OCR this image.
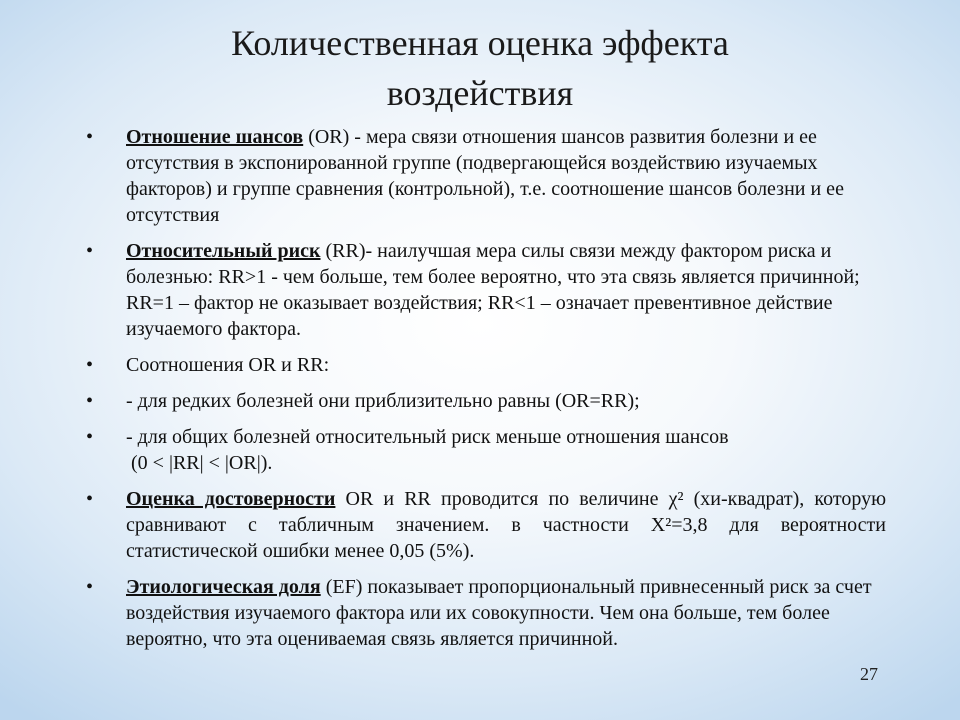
Количественная оценка эффекта
воздействия
• Отношение шансов (OR) - мера связи отношения шансов развития болезни и ее отсутствия в экспонированной группе (подвергающейся воздействию изучаемых факторов) и группе сравнения (контрольной), т.е. соотношение шансов болезни и ее отсутствия
• Относительный риск (RR)- наилучшая мера силы связи между фактором риска и болезнью: RR>1 - чем больше, тем более вероятно, что эта связь является причинной; RR=1 – фактор не оказывает воздействия; RR<1 – означает превентивное действие изучаемого фактора.
• Соотношения OR и RR:
• - для редких болезней они приблизительно равны (OR=RR);
• - для общих болезней относительный риск меньше отношения шансов
(0 < |RR| < |OR|).
• Оценка достоверности OR и RR проводится по величине χ² (хи-квадрат), которую сравнивают с табличным значением. в частности Х²=3,8 для вероятности статистической ошибки менее 0,05 (5%).
• Этиологическая доля (EF) показывает пропорциональный привнесенный риск за счет воздействия изучаемого фактора или их совокупности. Чем она больше, тем более вероятно, что эта оцениваемая связь является причинной.
27
